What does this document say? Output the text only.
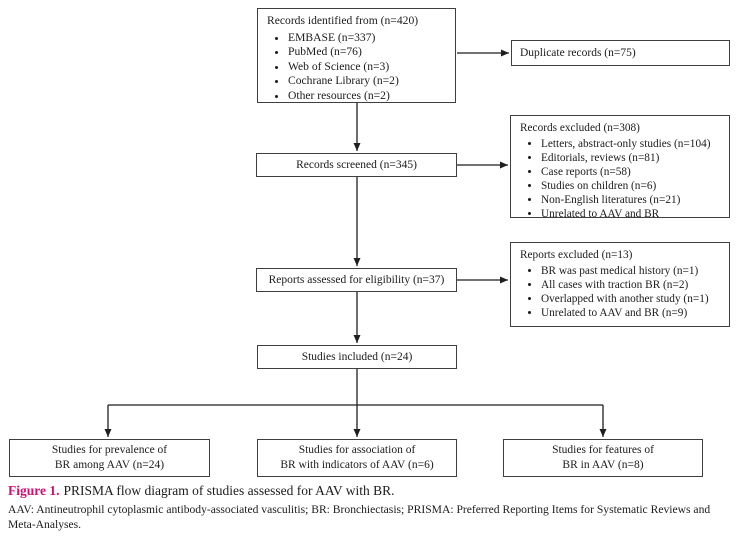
Records identified from (n=420)
• EMBASE (n=337)
• PubMed (n=76)
• Web of Science (n=3)
• Cochrane Library (n=2)
• Other resources (n=2)
Duplicate records (n=75)
Records screened (n=345)
Records excluded (n=308)
• Letters, abstract-only studies (n=104)
• Editorials, reviews (n=81)
• Case reports (n=58)
• Studies on children (n=6)
• Non-English literatures (n=21)
• Unrelated to AAV and BR
Reports assessed for eligibility (n=37)
Reports excluded (n=13)
• BR was past medical history (n=1)
• All cases with traction BR (n=2)
• Overlapped with another study (n=1)
• Unrelated to AAV and BR (n=9)
Studies included (n=24)
Studies for prevalence of
BR among AAV (n=24)
Studies for association of
BR with indicators of AAV (n=6)
Studies for features of
BR in AAV (n=8)
Figure 1. PRISMA flow diagram of studies assessed for AAV with BR.
AAV: Antineutrophil cytoplasmic antibody-associated vasculitis; BR: Bronchiectasis; PRISMA: Preferred Reporting Items for Systematic Reviews and
Meta-Analyses.
